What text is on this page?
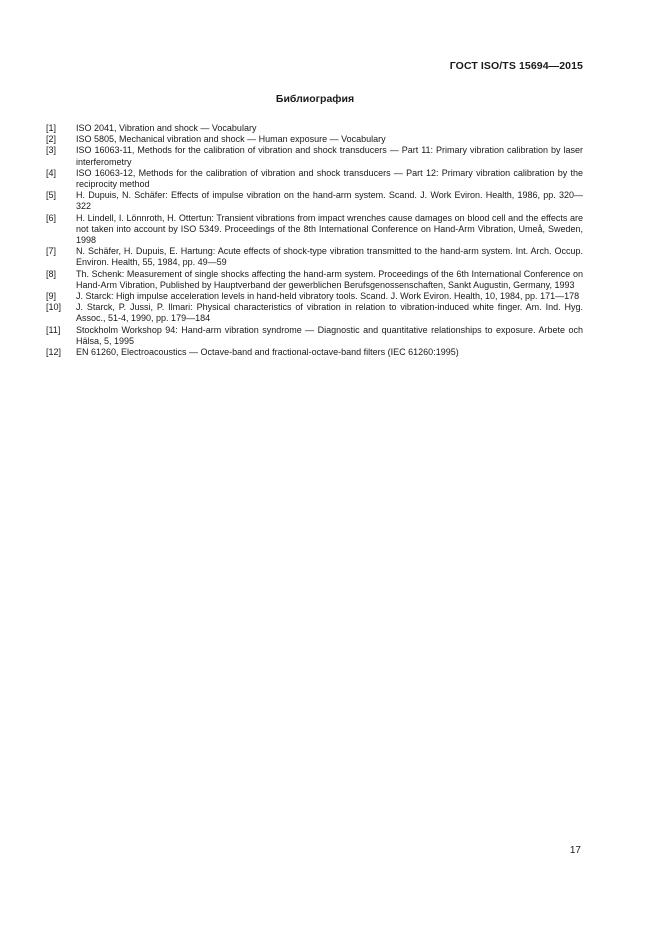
ГОСТ ISO/TS 15694—2015
Библиография
[1]	ISO 2041, Vibration and shock — Vocabulary
[2]	ISO 5805, Mechanical vibration and shock — Human exposure — Vocabulary
[3]	ISO 16063-11, Methods for the calibration of vibration and shock transducers — Part 11: Primary vibration calibration by laser interferometry
[4]	ISO 16063-12, Methods for the calibration of vibration and shock transducers — Part 12: Primary vibration calibration by the reciprocity method
[5]	H. Dupuis, N. Schäfer: Effects of impulse vibration on the hand-arm system. Scand. J. Work Eviron. Health, 1986, pp. 320—322
[6]	H. Lindell, I. Lönnroth, H. Ottertun: Transient vibrations from impact wrenches cause damages on blood cell and the effects are not taken into account by ISO 5349. Proceedings of the 8th International Conference on Hand-Arm Vibration, Umeå, Sweden, 1998
[7]	N. Schäfer, H. Dupuis, E. Hartung: Acute effects of shock-type vibration transmitted to the hand-arm system. Int. Arch. Occup. Environ. Health, 55, 1984, pp. 49—59
[8]	Th. Schenk: Measurement of single shocks affecting the hand-arm system. Proceedings of the 6th International Conference on Hand-Arm Vibration, Published by Hauptverband der gewerblichen Berufsgenossenschaften, Sankt Augustin, Germany, 1993
[9]	J. Starck: High impulse acceleration levels in hand-held vibratory tools. Scand. J. Work Eviron. Health, 10, 1984, pp. 171—178
[10]	J. Starck, P. Jussi, P. Ilmari: Physical characteristics of vibration in relation to vibration-induced white finger. Am. Ind. Hyg. Assoc., 51-4, 1990, pp. 179—184
[11]	Stockholm Workshop 94: Hand-arm vibration syndrome — Diagnostic and quantitative relationships to exposure. Arbete och Hälsa, 5, 1995
[12]	EN 61260, Electroacoustics — Octave-band and fractional-octave-band filters (IEC 61260:1995)
17
